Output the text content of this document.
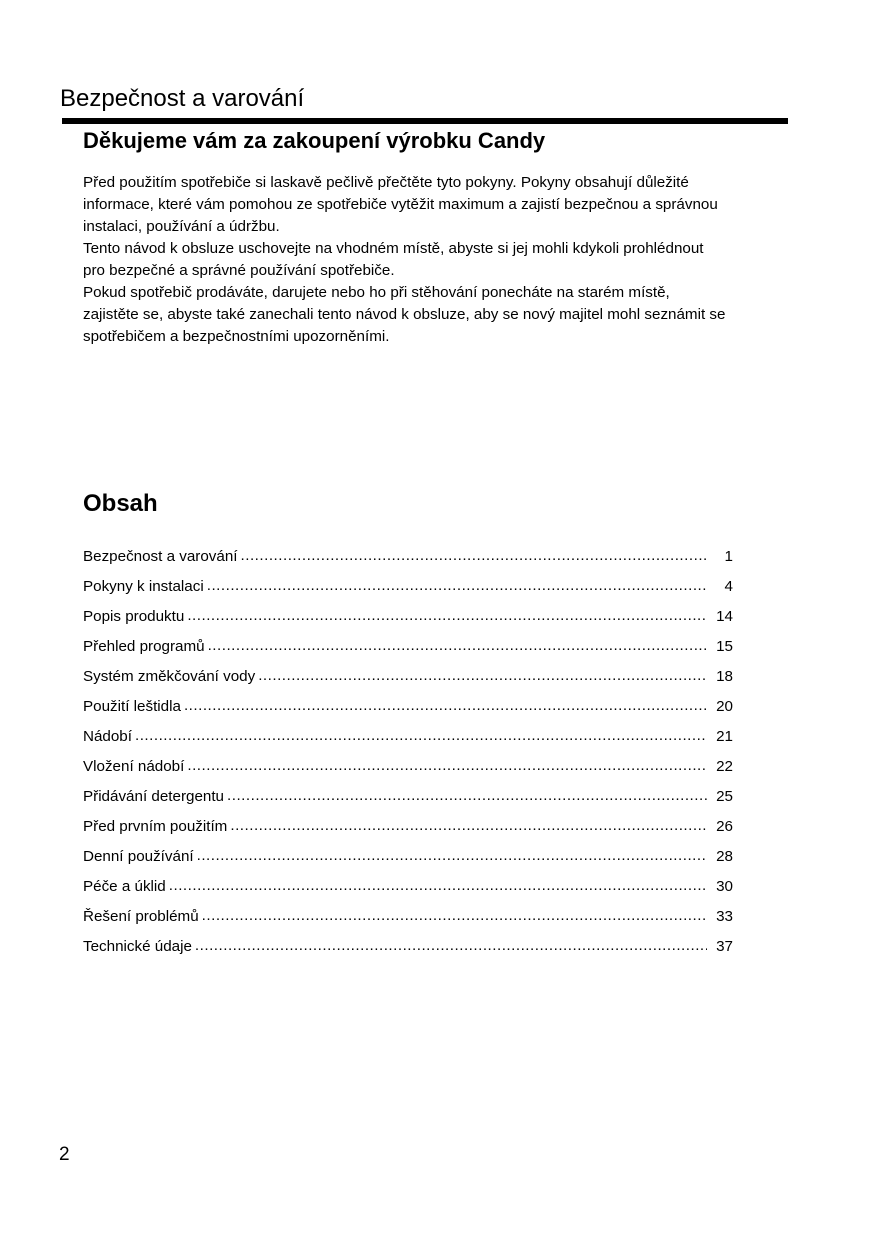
Bezpečnost a varování
Děkujeme vám za zakoupení výrobku Candy

Před použitím spotřebiče si laskavě pečlivě přečtěte tyto pokyny. Pokyny obsahují důležité

informace, které vám pomohou ze spotřebiče vytěžit maximum a zajistí bezpečnou a správnou

instalaci, používání a údržbu.

Tento návod k obsluze uschovejte na vhodném místě, abyste si jej mohli kdykoli prohlédnout

pro bezpečné a správné používání spotřebiče.

Pokud spotřebič prodáváte, darujete nebo ho při stěhování ponecháte na starém místě,

zajistěte se, abyste také zanechali tento návod k obsluze, aby se nový majitel mohl seznámit se

spotřebičem a bezpečnostními upozorněními.

Obsah
Bezpečnost a varování .....	1
Pokyny k instalaci .....	4
Popis produktu .....	14
Přehled programů .....	15
Systém změkčování vody .....	18
Použití leštidla .....	20
Nádobí .....	21
Vložení nádobí .....	22
Přidávání detergentu .....	25
Před prvním použitím .....	26
Denní používání .....	28
Péče a úklid .....	30
Řešení problémů .....	33
Technické údaje .....	37
2
